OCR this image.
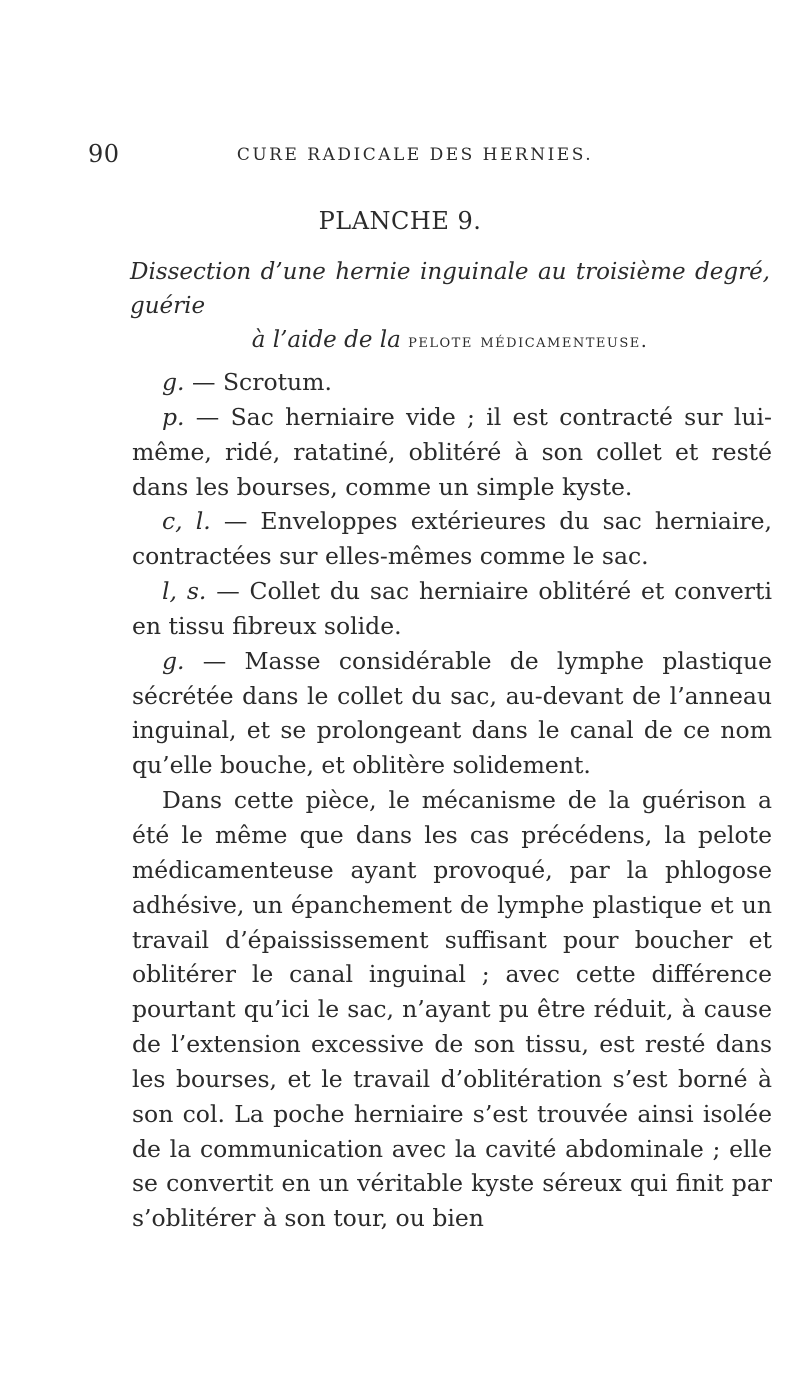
90	CURE RADICALE DES HERNIES.
PLANCHE 9.
Dissection d’une hernie inguinale au troisième degré, guérie
à l’aide de la pelote médicamenteuse.

g. — Scrotum.

p. — Sac herniaire vide ; il est contracté sur lui-même, ridé, ratatiné, oblitéré à son collet et resté dans les bourses, comme un simple kyste.

c, l. — Enveloppes extérieures du sac herniaire, contractées sur elles-mêmes comme le sac.

l, s. — Collet du sac herniaire oblitéré et converti en tissu fibreux solide.

g. — Masse considérable de lymphe plastique sécrétée dans le collet du sac, au-devant de l’anneau inguinal, et se prolongeant dans le canal de ce nom qu’elle bouche, et oblitère solidement.

Dans cette pièce, le mécanisme de la guérison a été le même que dans les cas précédens, la pelote médicamenteuse ayant provoqué, par la phlogose adhésive, un épanchement de lymphe plastique et un travail d’épaississement suffisant pour boucher et oblitérer le canal inguinal ; avec cette différence pourtant qu’ici le sac, n’ayant pu être réduit, à cause de l’extension excessive de son tissu, est resté dans les bourses, et le travail d’oblitération s’est borné à son col. La poche herniaire s’est trouvée ainsi isolée de la communication avec la cavité abdominale ; elle se convertit en un véritable kyste séreux qui finit par s’oblitérer à son tour, ou bien
